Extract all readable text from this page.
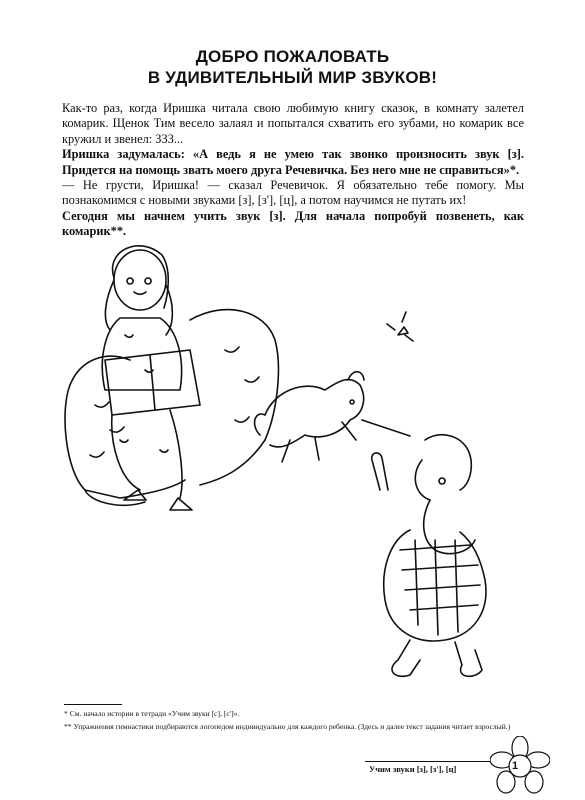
ДОБРО ПОЖАЛОВАТЬ
В УДИВИТЕЛЬНЫЙ МИР ЗВУКОВ!

Как-то раз, когда Иришка читала свою любимую книгу сказок, в комнату залетел комарик. Щенок Тим весело залаял и попытался схватить его зубами, но комарик все кружил и звенел: ЗЗЗ...

Иришка задумалась: «А ведь я не умею так звонко произносить звук [з]. Придется на помощь звать моего друга Речевичка. Без него мне не справиться»*.

— Не грусти, Иришка! — сказал Речевичок. Я обязательно тебе помогу. Мы познакомимся с новыми звуками [з], [з'], [ц], а потом научимся не путать их!

Сегодня мы начнем учить звук [з]. Для начала попробуй позвенеть, как комарик**.

* См. начало истории в тетради «Учим звуки [с], [с']».
** Упражнения гимнастики подбираются логопедом индивидуально для каждого ребенка. (Здесь и далее текст задания читает взрослый.)
Учим звуки [з], [з'], [ц]	1
